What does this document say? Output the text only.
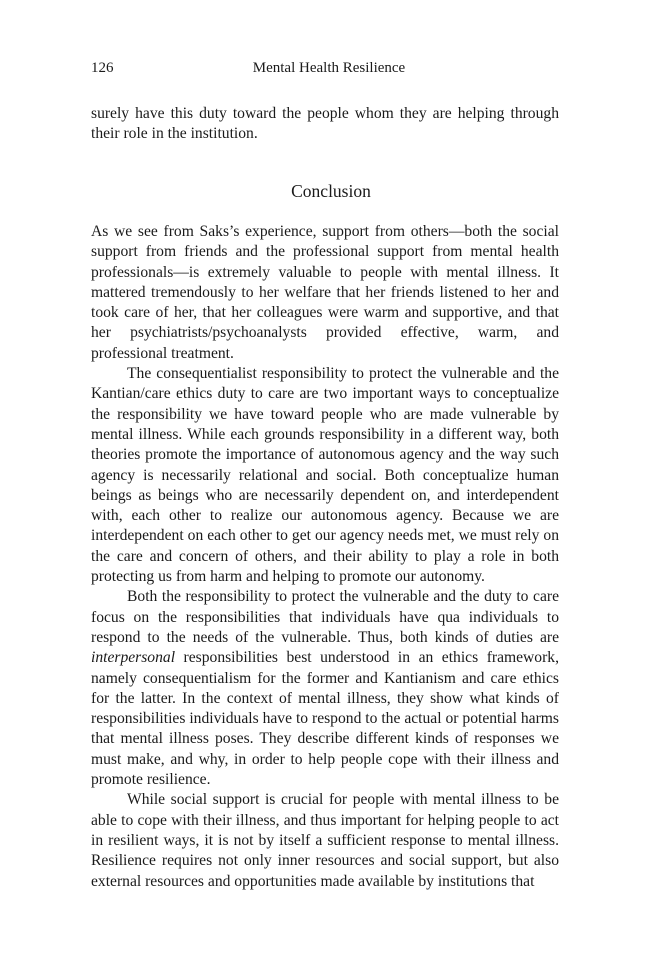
126	Mental Health Resilience

surely have this duty toward the people whom they are helping through their role in the institution.

Conclusion

As we see from Saks’s experience, support from others—both the social support from friends and the professional support from mental health professionals—is extremely valuable to people with mental illness. It mattered tremendously to her welfare that her friends listened to her and took care of her, that her colleagues were warm and supportive, and that her psychiatrists/psychoanalysts provided effective, warm, and professional treatment.

The consequentialist responsibility to protect the vulnerable and the Kantian/care ethics duty to care are two important ways to conceptualize the responsibility we have toward people who are made vulnerable by mental illness. While each grounds responsibility in a different way, both theories promote the importance of autonomous agency and the way such agency is necessarily relational and social. Both conceptualize human beings as beings who are necessarily dependent on, and interdependent with, each other to realize our autonomous agency. Because we are interdependent on each other to get our agency needs met, we must rely on the care and concern of others, and their ability to play a role in both protecting us from harm and helping to promote our autonomy.

Both the responsibility to protect the vulnerable and the duty to care focus on the responsibilities that individuals have qua individuals to respond to the needs of the vulnerable. Thus, both kinds of duties are interpersonal responsibilities best understood in an ethics framework, namely consequentialism for the former and Kantianism and care ethics for the latter. In the context of mental illness, they show what kinds of responsibilities individuals have to respond to the actual or potential harms that mental illness poses. They describe different kinds of responses we must make, and why, in order to help people cope with their illness and promote resilience.

While social support is crucial for people with mental illness to be able to cope with their illness, and thus important for helping people to act in resilient ways, it is not by itself a sufficient response to mental illness. Resilience requires not only inner resources and social support, but also external resources and opportunities made available by institutions that
